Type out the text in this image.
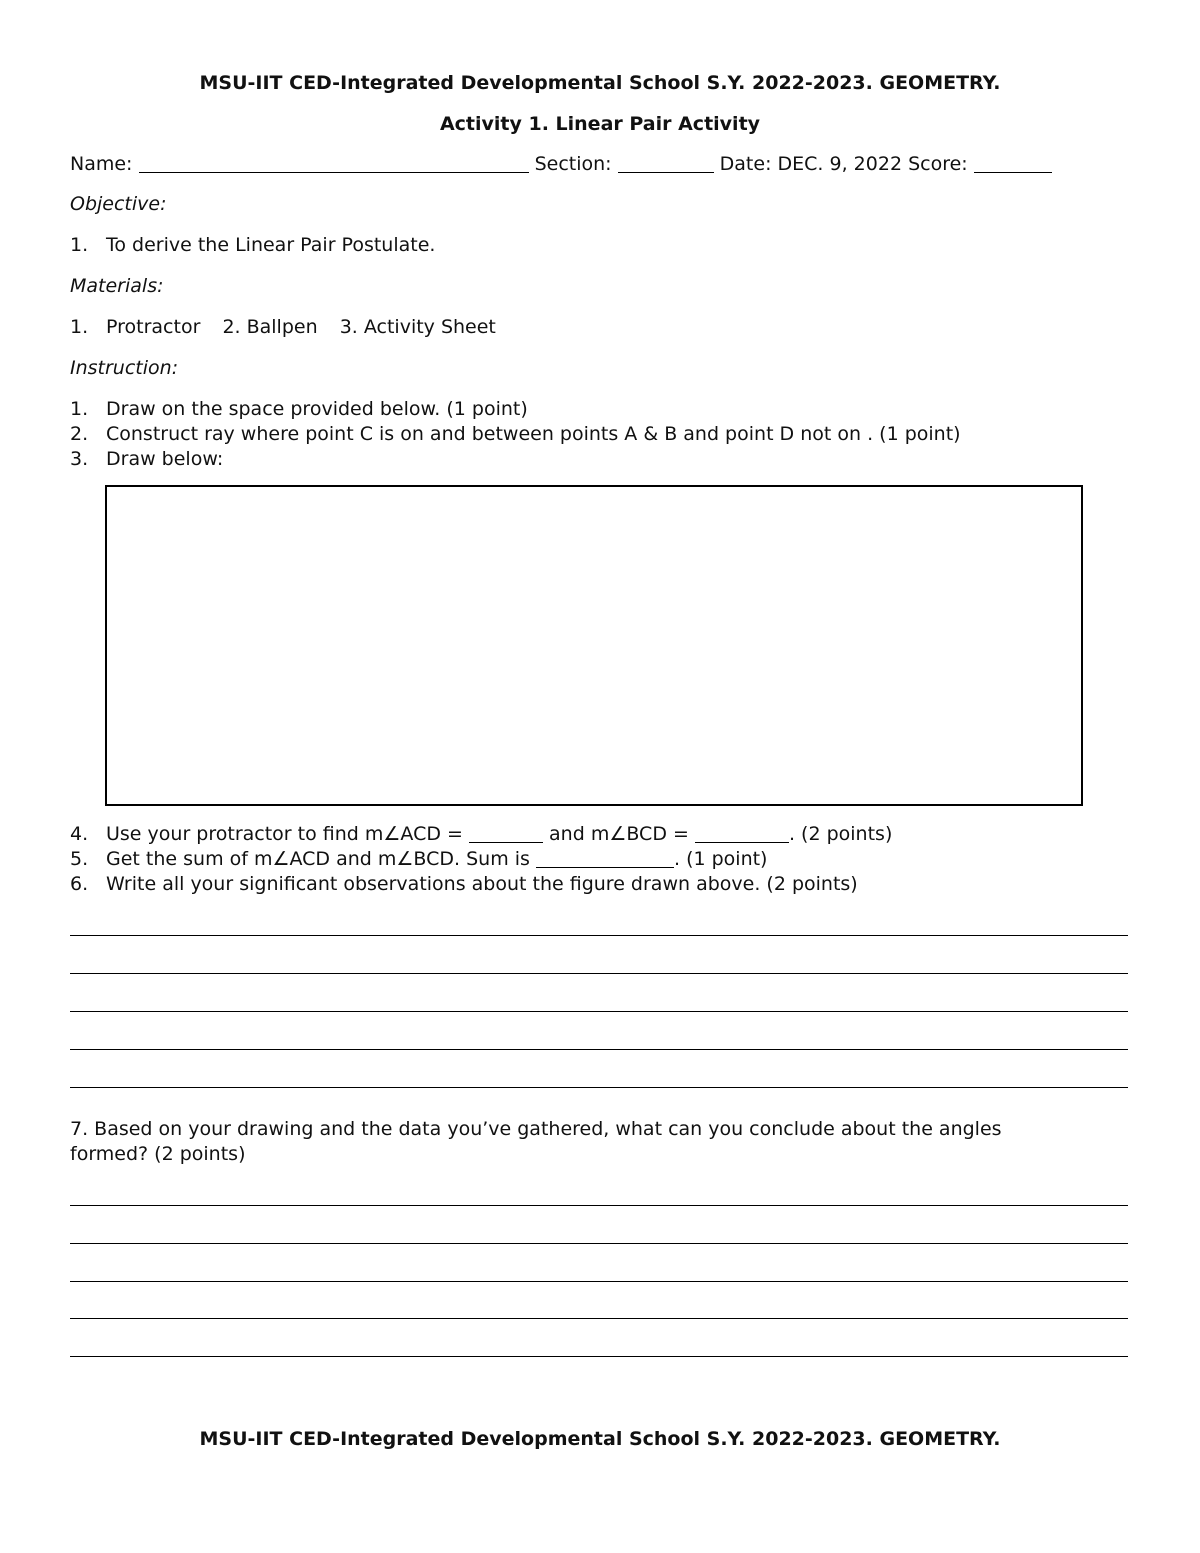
MSU-IIT CED-Integrated Developmental School S.Y. 2022-2023. GEOMETRY.
Activity 1. Linear Pair Activity
Name:	Section:	Date: DEC. 9, 2022 Score:
Objective:
1. To derive the Linear Pair Postulate.
Materials:
1. Protractor 2. Ballpen 3. Activity Sheet
Instruction:
1. Draw on the space provided below. (1 point)
2. Construct ray where point C is on and between points A & B and point D not on . (1 point)
3. Draw below:
4. Use your protractor to find m∠ACD =	and m∠BCD =	. (2 points)
5. Get the sum of m∠ACD and m∠BCD. Sum is	. (1 point)
6. Write all your significant observations about the figure drawn above. (2 points)
7. Based on your drawing and the data you’ve gathered, what can you conclude about the angles
formed? (2 points)
MSU-IIT CED-Integrated Developmental School S.Y. 2022-2023. GEOMETRY.
